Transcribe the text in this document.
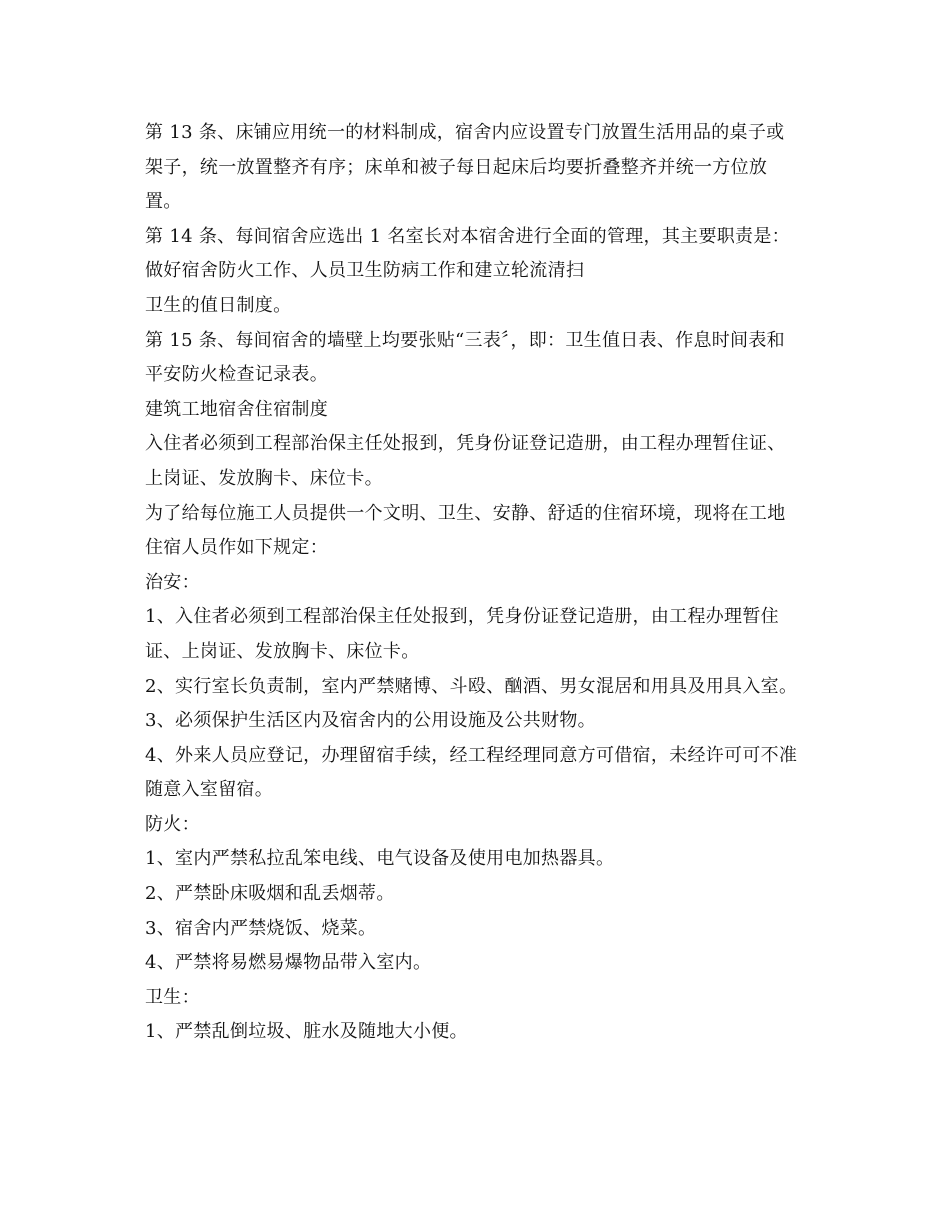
第 13 条、床铺应用统一的材料制成，宿舍内应设置专门放置生活用品的桌子或
架子，统一放置整齐有序；床单和被子每日起床后均要折叠整齐并统一方位放
置。
第 14 条、每间宿舍应选出 1 名室长对本宿舍进行全面的管理，其主要职责是：
做好宿舍防火工作、人员卫生防病工作和建立轮流清扫
卫生的值日制度。
第 15 条、每间宿舍的墙壁上均要张贴“三表〞，即：卫生值日表、作息时间表和
平安防火检查记录表。
建筑工地宿舍住宿制度
入住者必须到工程部治保主任处报到，凭身份证登记造册，由工程办理暂住证、
上岗证、发放胸卡、床位卡。
为了给每位施工人员提供一个文明、卫生、安静、舒适的住宿环境，现将在工地
住宿人员作如下规定：
治安：
1、入住者必须到工程部治保主任处报到，凭身份证登记造册，由工程办理暂住
证、上岗证、发放胸卡、床位卡。
2、实行室长负责制，室内严禁赌博、斗殴、酗酒、男女混居和用具及用具入室。
3、必须保护生活区内及宿舍内的公用设施及公共财物。
4、外来人员应登记，办理留宿手续，经工程经理同意方可借宿，未经许可可不准
随意入室留宿。
防火：
1、室内严禁私拉乱笨电线、电气设备及使用电加热器具。
2、严禁卧床吸烟和乱丢烟蒂。
3、宿舍内严禁烧饭、烧菜。
4、严禁将易燃易爆物品带入室内。
卫生：
1、严禁乱倒垃圾、脏水及随地大小便。
